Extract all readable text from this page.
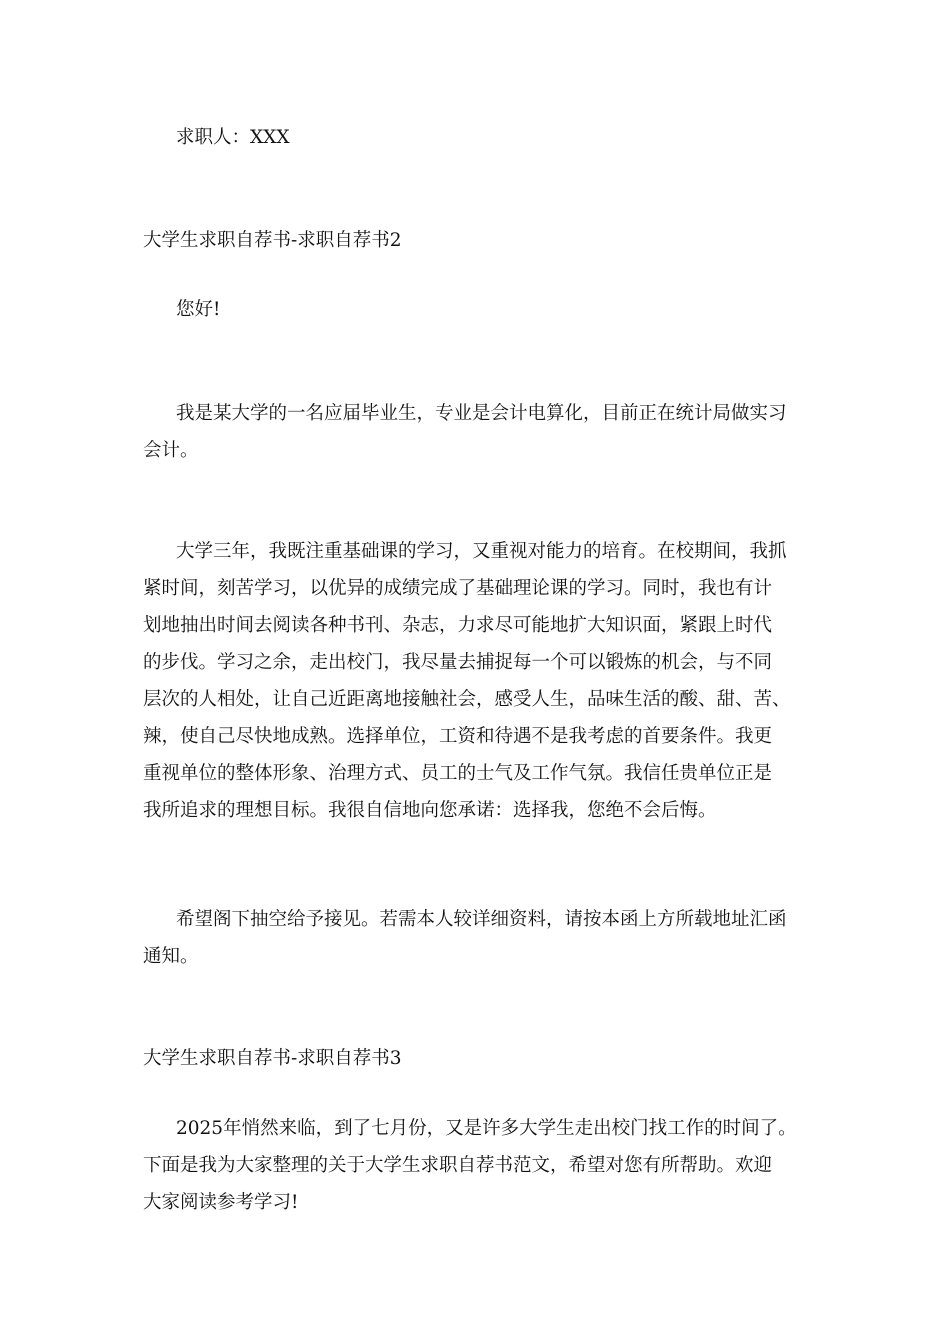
求职人：XXX

大学生求职自荐书-求职自荐书2

您好!

我是某大学的一名应届毕业生，专业是会计电算化，目前正在统计局做实习
会计。

大学三年，我既注重基础课的学习，又重视对能力的培育。在校期间，我抓
紧时间，刻苦学习，以优异的成绩完成了基础理论课的学习。同时，我也有计
划地抽出时间去阅读各种书刊、杂志，力求尽可能地扩大知识面，紧跟上时代
的步伐。学习之余，走出校门，我尽量去捕捉每一个可以锻炼的机会，与不同
层次的人相处，让自己近距离地接触社会，感受人生，品味生活的酸、甜、苦、
辣，使自己尽快地成熟。选择单位，工资和待遇不是我考虑的首要条件。我更
重视单位的整体形象、治理方式、员工的士气及工作气氛。我信任贵单位正是
我所追求的理想目标。我很自信地向您承诺：选择我，您绝不会后悔。

希望阁下抽空给予接见。若需本人较详细资料，请按本函上方所载地址汇函
通知。

大学生求职自荐书-求职自荐书3

2025年悄然来临，到了七月份，又是许多大学生走出校门找工作的时间了。
下面是我为大家整理的关于大学生求职自荐书范文，希望对您有所帮助。欢迎
大家阅读参考学习!
